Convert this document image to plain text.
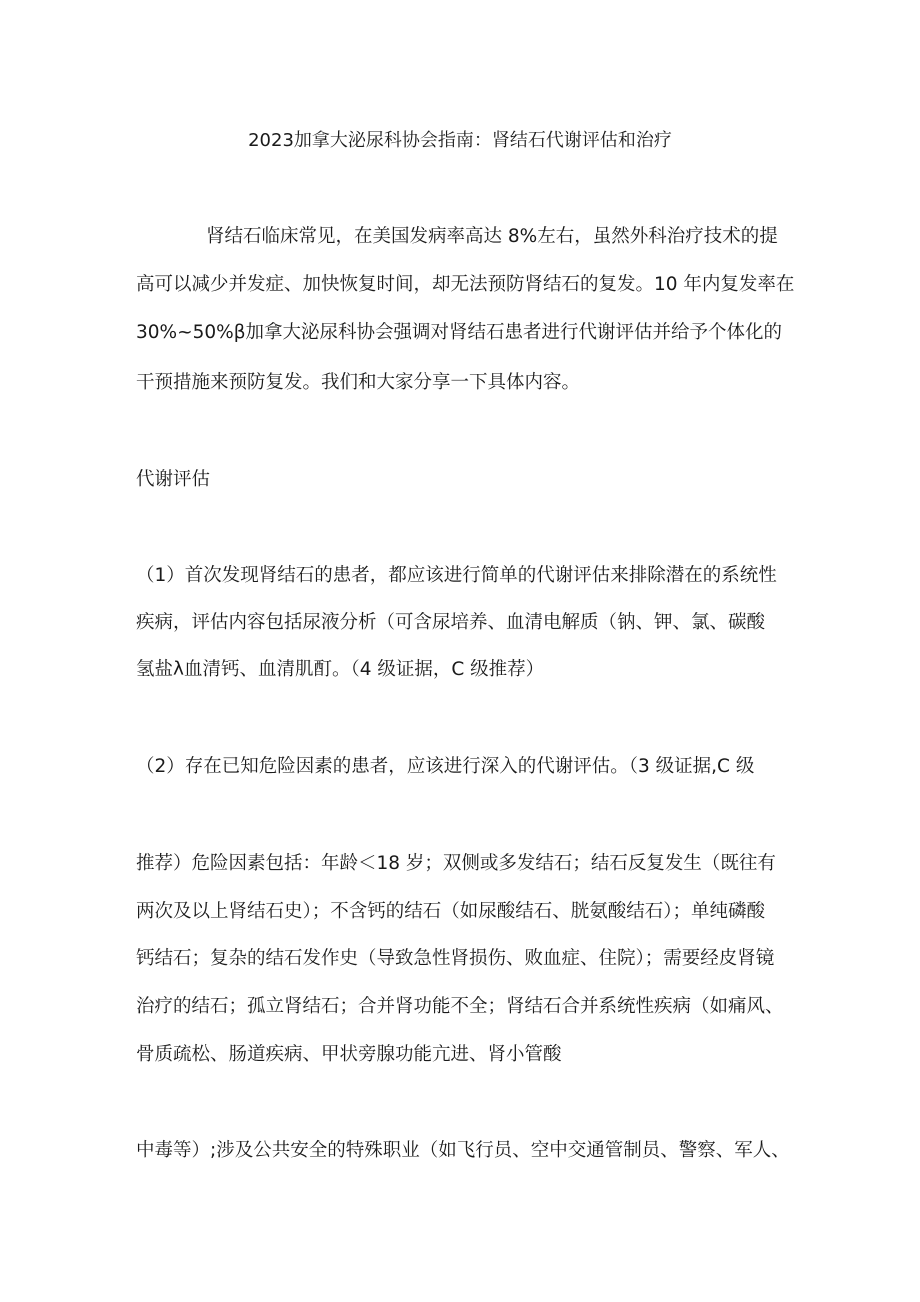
2023加拿大泌尿科协会指南：肾结石代谢评估和治疗
肾结石临床常见，在美国发病率高达 8%左右，虽然外科治疗技术的提
高可以减少并发症、加快恢复时间，却无法预防肾结石的复发。10 年内复发率在
30%~50%β加拿大泌尿科协会强调对肾结石患者进行代谢评估并给予个体化的
干预措施来预防复发。我们和大家分享一下具体内容。
代谢评估
（1）首次发现肾结石的患者，都应该进行简单的代谢评估来排除潜在的系统性
疾病，评估内容包括尿液分析（可含尿培养、血清电解质（钠、钾、氯、碳酸
氢盐λ血清钙、血清肌酊。（4 级证据，C 级推荐）
（2）存在已知危险因素的患者，应该进行深入的代谢评估。（3 级证据,C 级
推荐）危险因素包括：年龄＜18 岁；双侧或多发结石；结石反复发生（既往有
两次及以上肾结石史）；不含钙的结石（如尿酸结石、胱氨酸结石）；单纯磷酸
钙结石；复杂的结石发作史（导致急性肾损伤、败血症、住院）；需要经皮肾镜
治疗的结石；孤立肾结石；合并肾功能不全；肾结石合并系统性疾病（如痛风、
骨质疏松、肠道疾病、甲状旁腺功能亢进、肾小管酸
中毒等）;涉及公共安全的特殊职业（如飞行员、空中交通管制员、警察、军人、
